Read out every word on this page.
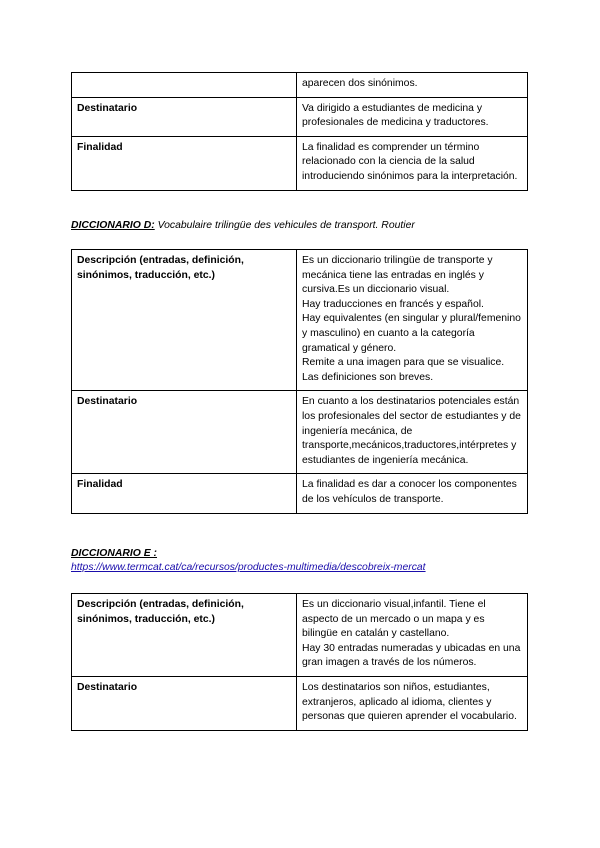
	aparecen dos sinónimos.
Destinatario	Va dirigido a estudiantes de medicina y profesionales de medicina y traductores.
Finalidad	La finalidad es comprender un término relacionado con la ciencia de la salud introduciendo sinónimos para la interpretación.
DICCIONARIO D: Vocabulaire trilingüe des vehicules de transport. Routier
Descripción (entradas, definición, sinónimos, traducción, etc.)	Es un diccionario trilingüe de transporte y mecánica tiene las entradas en inglés y cursiva.Es un diccionario visual.
Hay traducciones en francés y español.
Hay equivalentes (en singular y plural/femenino y masculino) en cuanto a la categoría gramatical y género.
Remite a una imagen para que se visualice.
Las definiciones son breves.
Destinatario	En cuanto a los destinatarios potenciales están los profesionales del sector de estudiantes y de ingeniería mecánica, de transporte,mecánicos,traductores,intérpretes y estudiantes de ingeniería mecánica.
Finalidad	La finalidad es dar a conocer los componentes de los vehículos de transporte.
DICCIONARIO E :
https://www.termcat.cat/ca/recursos/productes-multimedia/descobreix-mercat
Descripción (entradas, definición, sinónimos, traducción, etc.)	Es un diccionario visual,infantil. Tiene el aspecto de un mercado o un mapa y es bilingüe en catalán y castellano.
Hay 30 entradas numeradas y ubicadas en una gran imagen a través de los números.
Destinatario	Los destinatarios son niños, estudiantes, extranjeros, aplicado al idioma, clientes y personas que quieren aprender el vocabulario.
